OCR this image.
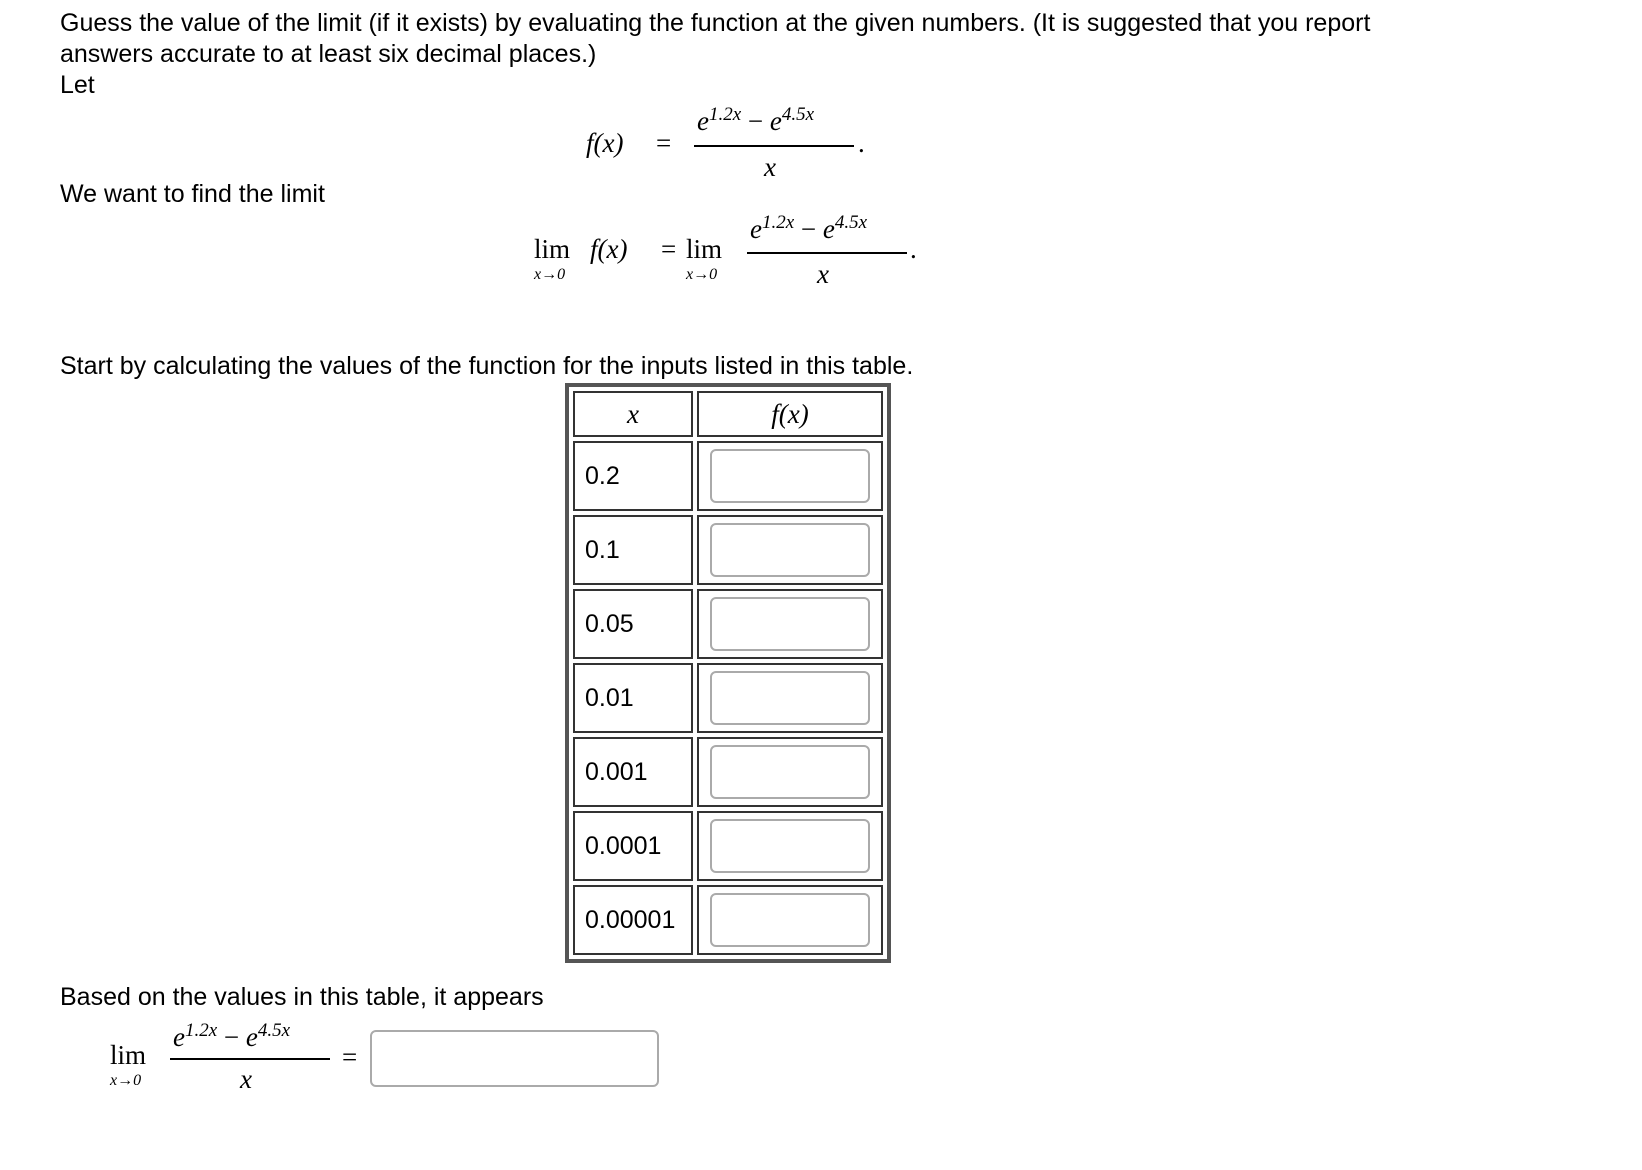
Guess the value of the limit (if it exists) by evaluating the function at the given numbers. (It is suggested that you report answers accurate to at least six decimal places.)
Let
f(x) =
$e^{1.2x} - e^{4.5x}$
.
x
We want to find the limit
lim
x→0
f(x) = lim
x→0
$e^{1.2x} - e^{4.5x}$
.
x
Start by calculating the values of the function for the inputs listed in this table.
x	f(x)
0.2	
0.1	
0.05	
0.01	
0.001	
0.0001	
0.00001	
Based on the values in this table, it appears
lim
x→0
$e^{1.2x} - e^{4.5x}$
x
=
